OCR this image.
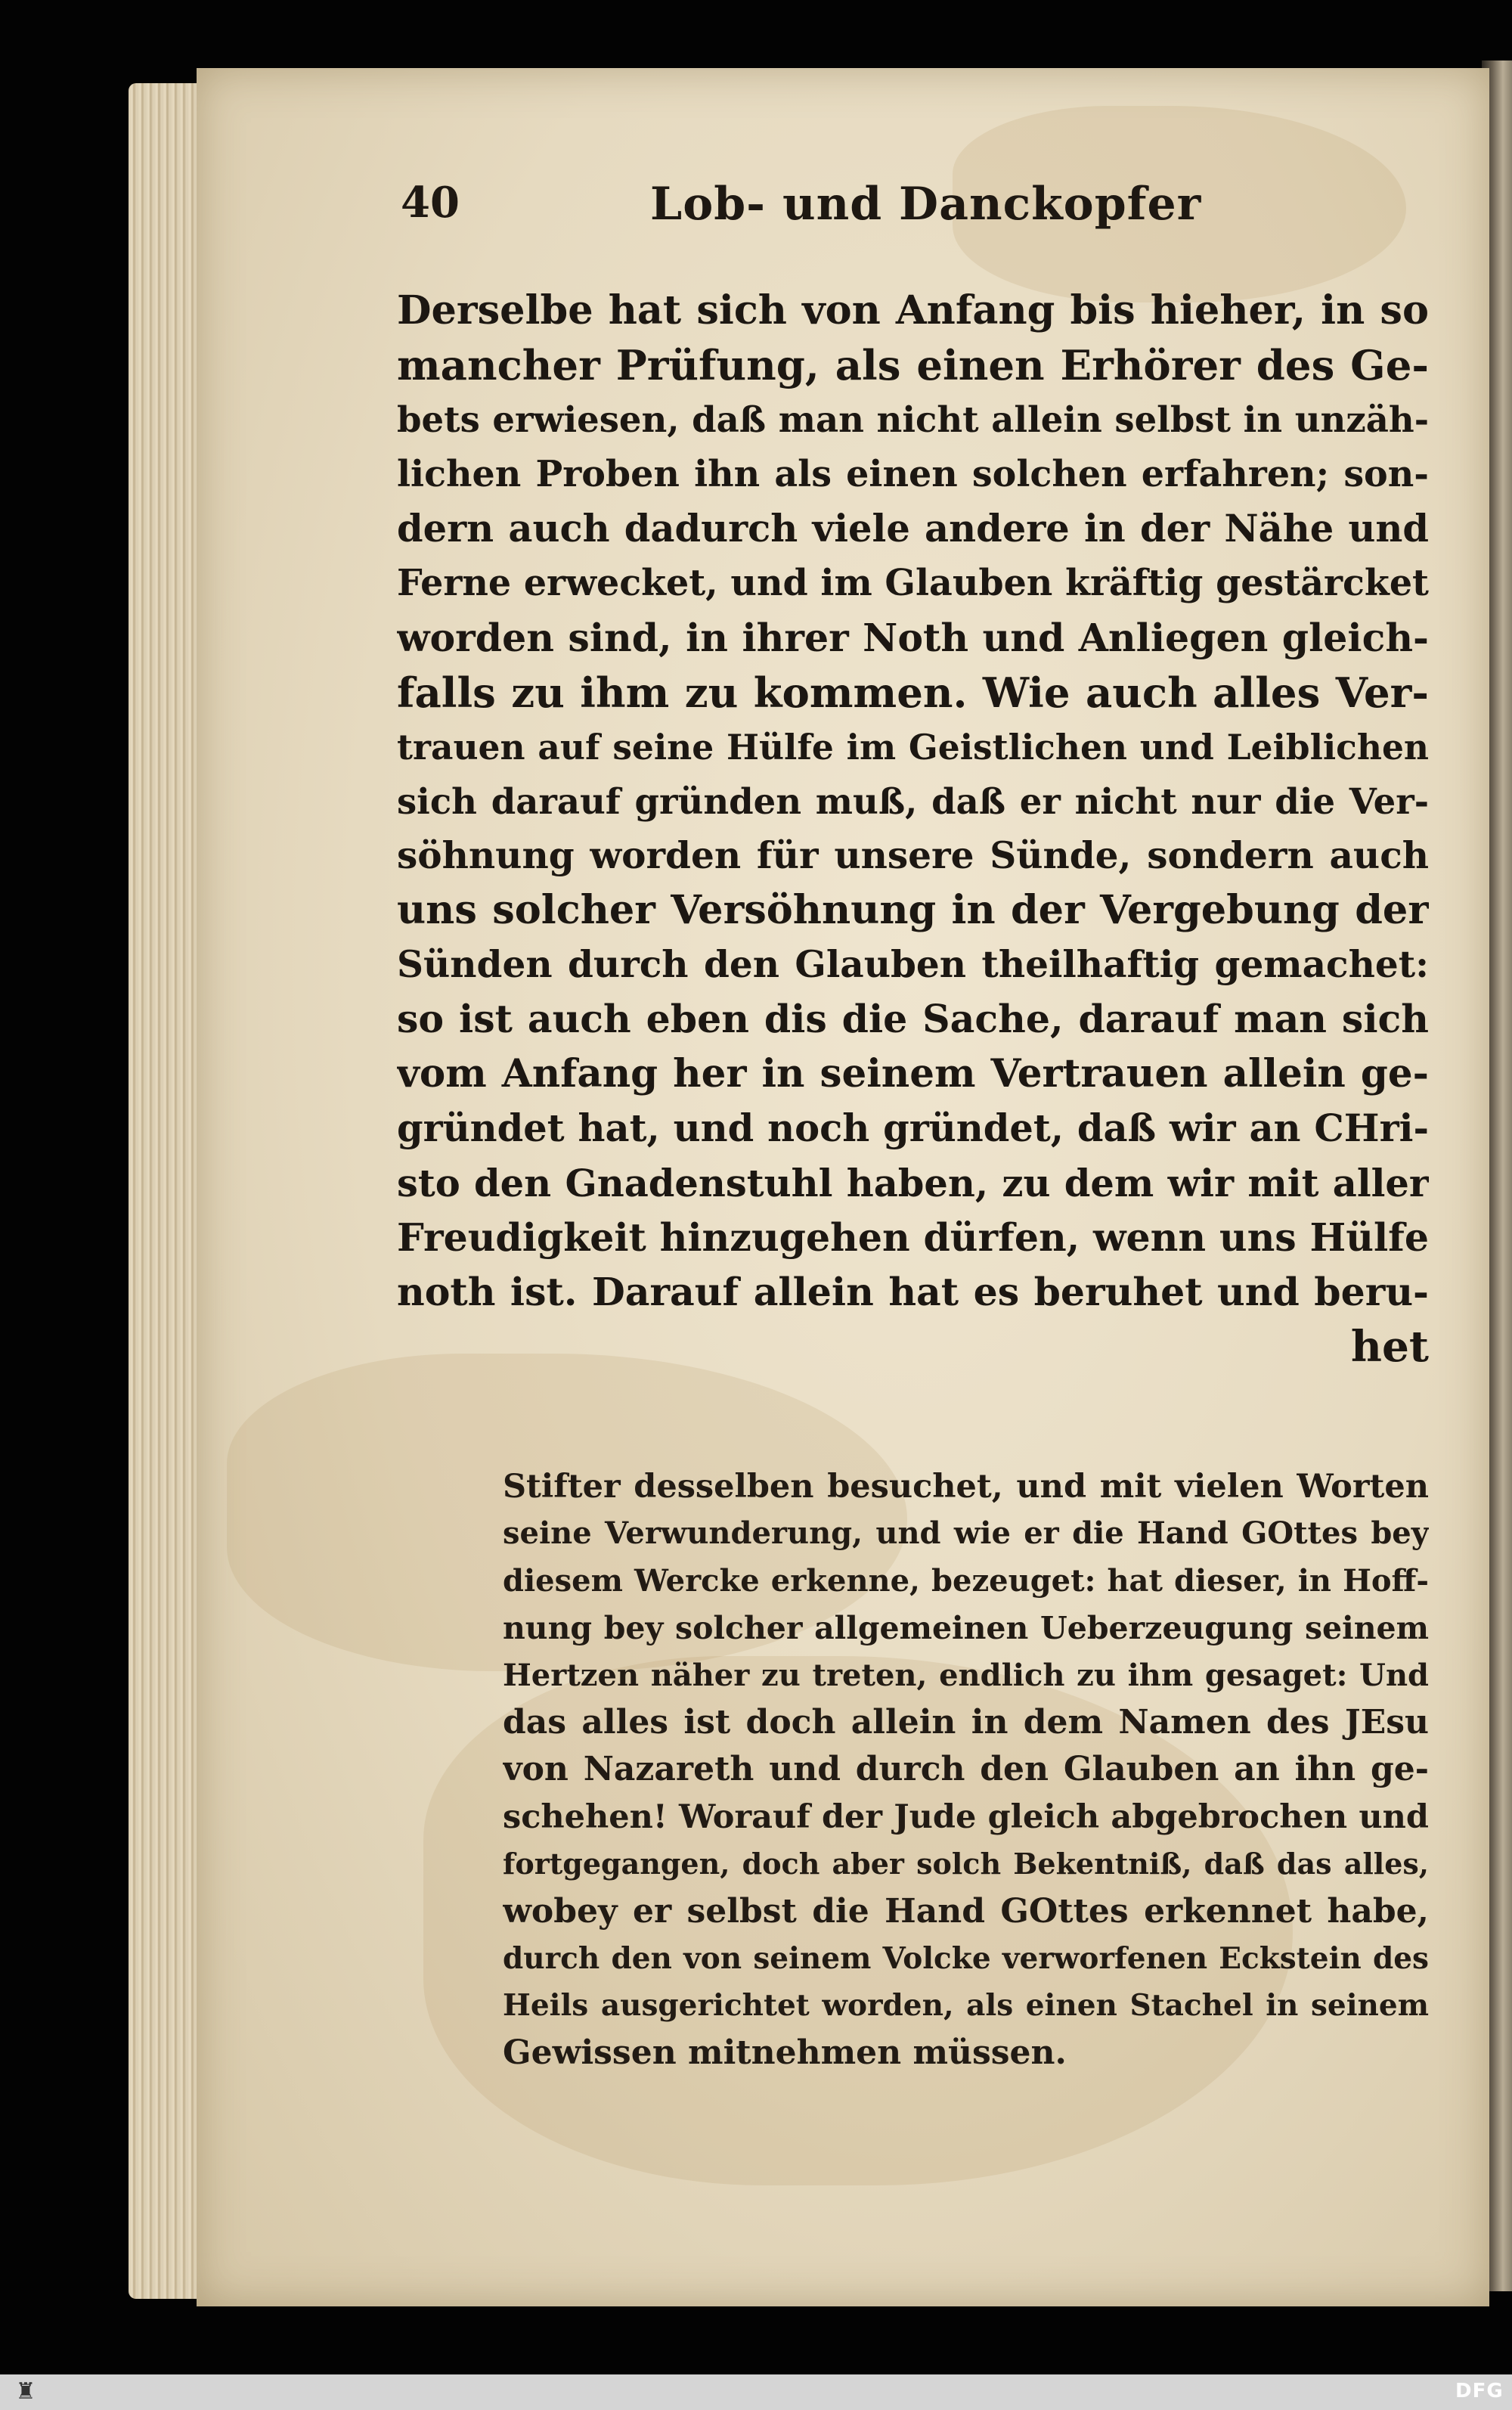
40	Lob- und Danckopfer
Derselbe hat sich von Anfang bis hieher, in so
mancher Prüfung, als einen Erhörer des Ge-
bets erwiesen, daß man nicht allein selbst in unzäh-
lichen Proben ihn als einen solchen erfahren; son-
dern auch dadurch viele andere in der Nähe und
Ferne erwecket, und im Glauben kräftig gestärcket
worden sind, in ihrer Noth und Anliegen gleich-
falls zu ihm zu kommen. Wie auch alles Ver-
trauen auf seine Hülfe im Geistlichen und Leiblichen
sich darauf gründen muß, daß er nicht nur die Ver-
söhnung worden für unsere Sünde, sondern auch
uns solcher Versöhnung in der Vergebung der
Sünden durch den Glauben theilhaftig gemachet:
so ist auch eben dis die Sache, darauf man sich
vom Anfang her in seinem Vertrauen allein ge-
gründet hat, und noch gründet, daß wir an CHri-
sto den Gnadenstuhl haben, zu dem wir mit aller
Freudigkeit hinzugehen dürfen, wenn uns Hülfe
noth ist. Darauf allein hat es beruhet und beru-
het
Stifter desselben besuchet, und mit vielen Worten
seine Verwunderung, und wie er die Hand GOttes bey
diesem Wercke erkenne, bezeuget: hat dieser, in Hoff-
nung bey solcher allgemeinen Ueberzeugung seinem
Hertzen näher zu treten, endlich zu ihm gesaget: Und
das alles ist doch allein in dem Namen des JEsu
von Nazareth und durch den Glauben an ihn ge-
schehen! Worauf der Jude gleich abgebrochen und
fortgegangen, doch aber solch Bekentniß, daß das alles,
wobey er selbst die Hand GOttes erkennet habe,
durch den von seinem Volcke verworfenen Eckstein des
Heils ausgerichtet worden, als einen Stachel in seinem
Gewissen mitnehmen müssen.
♜	DFG
